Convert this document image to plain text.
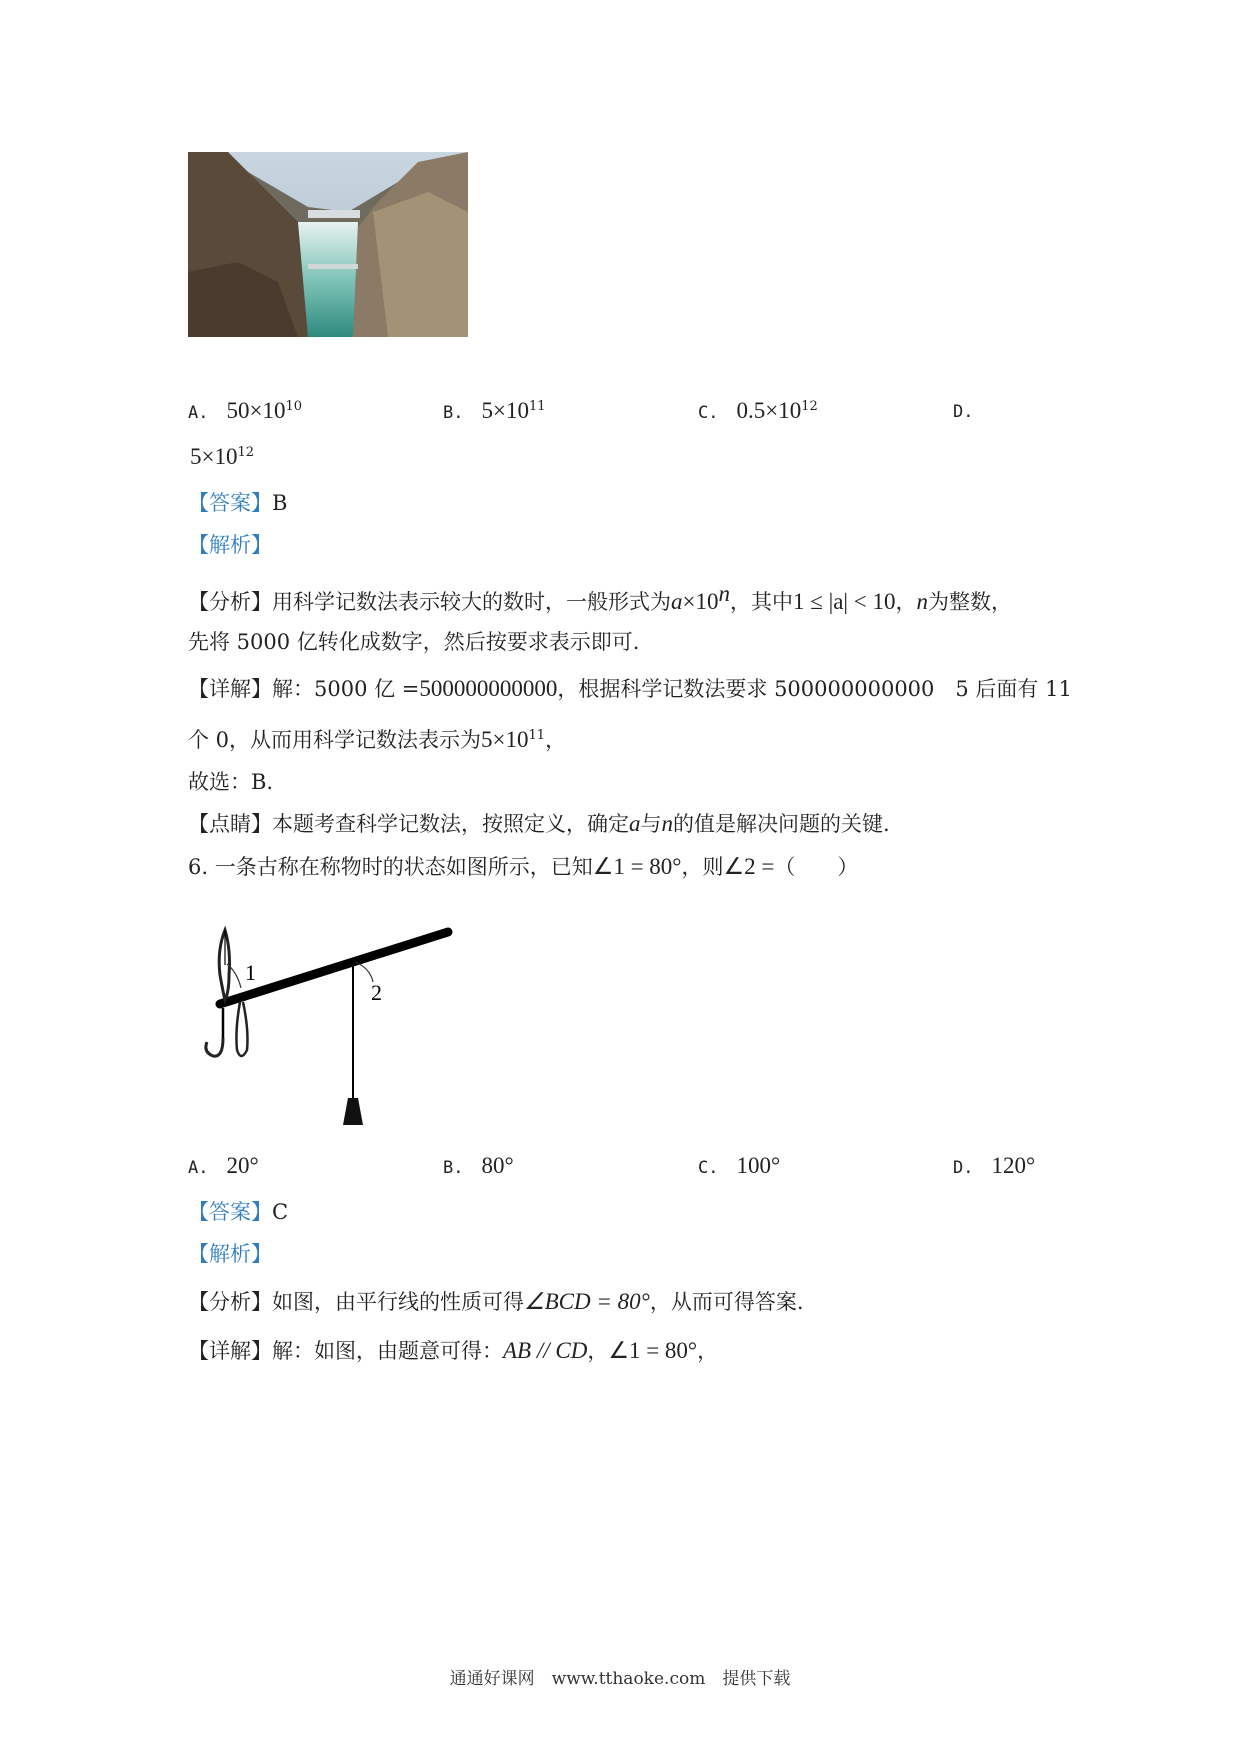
A. $50\times 10^{10}$	B. $5\times 10^{11}$	C. $0.5\times 10^{12}$	D.
$5\times 10^{12}$
【答案】B
【解析】
【分析】用科学记数法表示较大的数时，一般形式为$a\times 10^n$，其中1 ≤ |a| < 10，n为整数，
先将 5000 亿转化成数字，然后按要求表示即可.
【详解】解：5000 亿 =500000000000，根据科学记数法要求 500000000000　5 后面有 11
个 0，从而用科学记数法表示为$5\times 10^{11}$，
故选：B.
【点睛】本题考查科学记数法，按照定义，确定a与n的值是解决问题的关键.
6. 一条古称在称物时的状态如图所示，已知∠1 = 80°，则∠2 =（　　）
1
2
A. 20°	B. 80°	C. 100°	D. 120°
【答案】C
【解析】
【分析】如图，由平行线的性质可得∠BCD = 80°，从而可得答案.
【详解】解：如图，由题意可得：AB // CD，∠1 = 80°，
通通好课网　www.tthaoke.com　提供下载
